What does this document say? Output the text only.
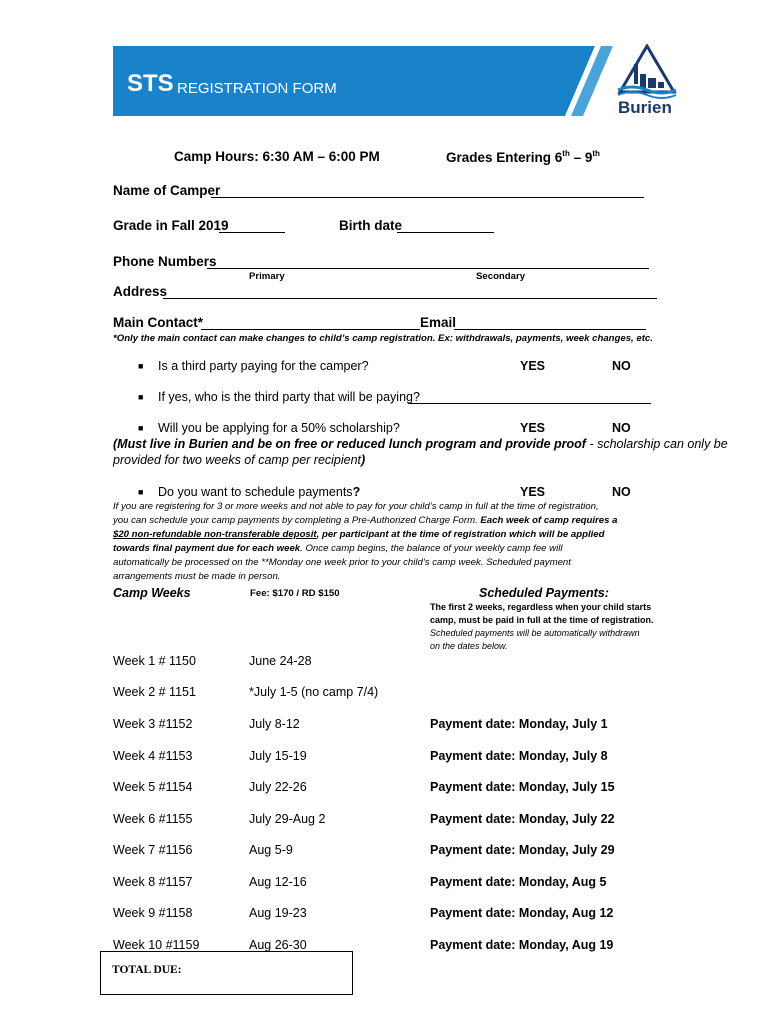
STS REGISTRATION FORM
Burien
Camp Hours: 6:30 AM – 6:00 PM	Grades Entering 6th – 9th
Name of Camper
Grade in Fall 2019	Birth date
Phone Numbers
Primary	Secondary
Address
Main Contact*	Email
*Only the main contact can make changes to child’s camp registration. Ex: withdrawals, payments, week changes, etc.
■ Is a third party paying for the camper?	YES	NO
■ If yes, who is the third party that will be paying?
■ Will you be applying for a 50% scholarship?	YES	NO
(Must live in Burien and be on free or reduced lunch program and provide proof - scholarship can only be
provided for two weeks of camp per recipient)
■ Do you want to schedule payments?	YES	NO
If you are registering for 3 or more weeks and not able to pay for your child’s camp in full at the time of registration,
you can schedule your camp payments by completing a Pre-Authorized Charge Form. Each week of camp requires a
$20 non-refundable non-transferable deposit, per participant at the time of registration which will be applied
towards final payment due for each week. Once camp begins, the balance of your weekly camp fee will
automatically be processed on the **Monday one week prior to your child’s camp week. Scheduled payment
arrangements must be made in person.
Camp Weeks	Fee: $170 / RD $150	Scheduled Payments:
The first 2 weeks, regardless when your child starts
camp, must be paid in full at the time of registration.
Scheduled payments will be automatically withdrawn
on the dates below.
Week 1 # 1150	June 24-28
Week 2 # 1151	*July 1-5 (no camp 7/4)
Week 3 #1152	July 8-12	Payment date: Monday, July 1
Week 4 #1153	July 15-19	Payment date: Monday, July 8
Week 5 #1154	July 22-26	Payment date: Monday, July 15
Week 6 #1155	July 29-Aug 2	Payment date: Monday, July 22
Week 7 #1156	Aug 5-9	Payment date: Monday, July 29
Week 8 #1157	Aug 12-16	Payment date: Monday, Aug 5
Week 9 #1158	Aug 19-23	Payment date: Monday, Aug 12
Week 10 #1159	Aug 26-30	Payment date: Monday, Aug 19
TOTAL DUE:
